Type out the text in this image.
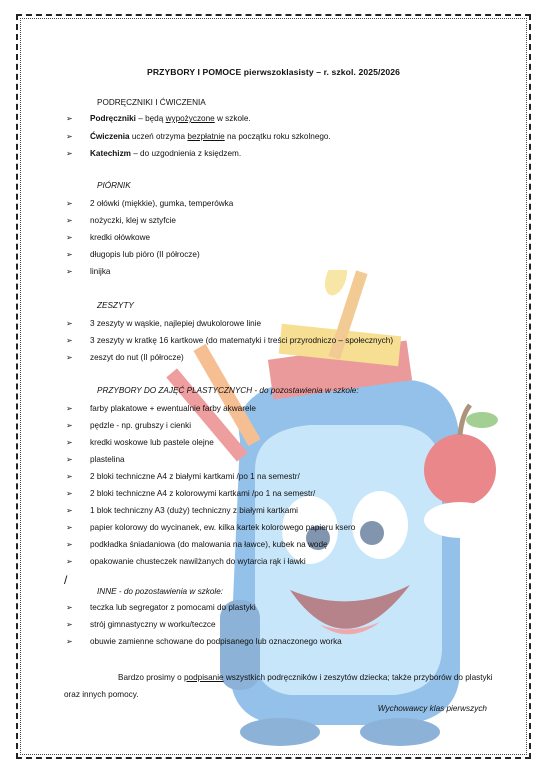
PRZYBORY I POMOCE pierwszoklasisty – r. szkol. 2025/2026
PODRĘCZNIKI I ĆWICZENIA
➢ Podręczniki – będą wypożyczone w szkole.
➢ Ćwiczenia uczeń otrzyma bezpłatnie na początku roku szkolnego.
➢ Katechizm – do uzgodnienia z księdzem.
PIÓRNIK
➢ 2 ołówki (miękkie), gumka, temperówka
➢ nożyczki, klej w sztyfcie
➢ kredki ołówkowe
➢ długopis lub pióro (II półrocze)
➢ linijka
ZESZYTY
➢ 3 zeszyty w wąskie, najlepiej dwukolorowe linie
➢ 3 zeszyty w kratkę 16 kartkowe (do matematyki i treści przyrodniczo – społecznych)
➢ zeszyt do nut (II półrocze)
PRZYBORY DO ZAJĘĆ PLASTYCZNYCH - do pozostawienia w szkole:
➢ farby plakatowe + ewentualnie farby akwarele
➢ pędzle - np. grubszy i cienki
➢ kredki woskowe lub pastele olejne
➢ plastelina
➢ 2 bloki techniczne A4 z białymi kartkami /po 1 na semestr/
➢ 2 bloki techniczne A4 z kolorowymi kartkami /po 1 na semestr/
➢ 1 blok techniczny A3 (duży) techniczny z białymi kartkami
➢ papier kolorowy do wycinanek, ew. kilka kartek kolorowego papieru ksero
➢ podkładka śniadaniowa (do malowania na ławce), kubek na wodę
➢ opakowanie chusteczek nawilżanych do wytarcia rąk i ławki
/
INNE - do pozostawienia w szkole:
➢ teczka lub segregator z pomocami do plastyki
➢ strój gimnastyczny w worku/teczce
➢ obuwie zamienne schowane do podpisanego lub oznaczonego worka
Bardzo prosimy o podpisanie wszystkich podręczników i zeszytów dziecka; także przyborów do plastyki
oraz innych pomocy.
Wychowawcy klas pierwszych
